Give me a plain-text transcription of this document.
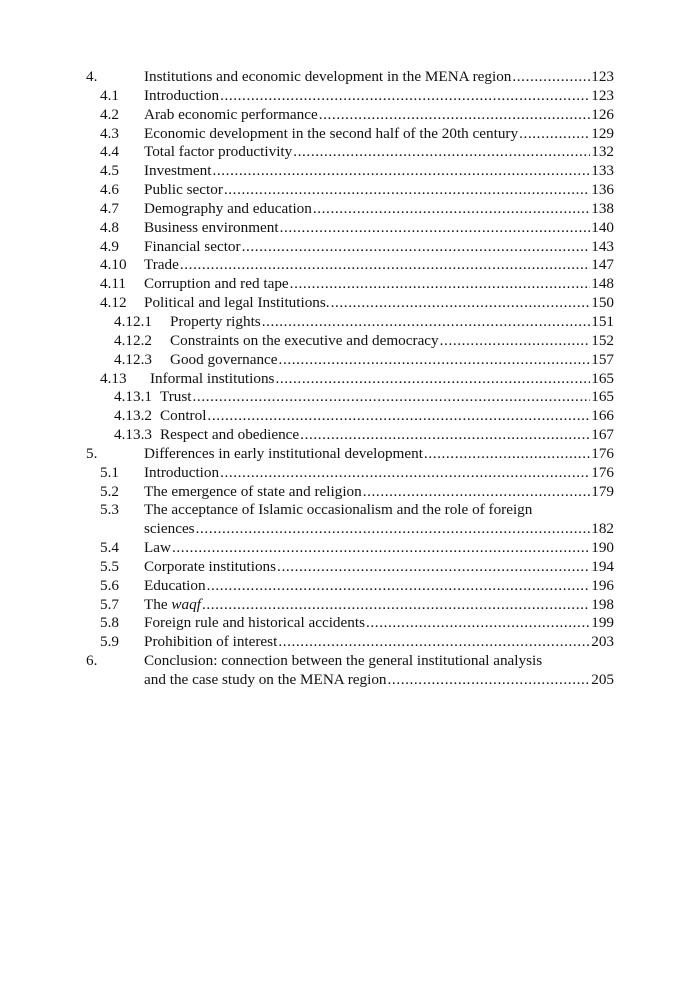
4.	Institutions and economic development in the MENA region .....	123
4.1 Introduction .....	123
4.2 Arab economic performance .....	126
4.3 Economic development in the second half of the 20th century .....	129
4.4 Total factor productivity .....	132
4.5 Investment .....	133
4.6 Public sector .....	136
4.7 Demography and education .....	138
4.8 Business environment .....	140
4.9 Financial sector .....	143
4.10 Trade .....	147
4.11 Corruption and red tape .....	148
4.12 Political and legal Institutions. .....	150
4.12.1 Property rights .....	151
4.12.2 Constraints on the executive and democracy .....	152
4.12.3 Good governance .....	157
4.13 Informal institutions .....	165
4.13.1 Trust .....	165
4.13.2 Control .....	166
4.13.3 Respect and obedience .....	167
5.	Differences in early institutional development .....	176
5.1 Introduction .....	176
5.2 The emergence of state and religion .....	179
5.3 The acceptance of Islamic occasionalism and the role of foreign
sciences .....	182
5.4 Law .....	190
5.5 Corporate institutions .....	194
5.6 Education .....	196
5.7 The waqf .....	198
5.8 Foreign rule and historical accidents .....	199
5.9 Prohibition of interest .....	203
6.	Conclusion: connection between the general institutional analysis
and the case study on the MENA region .....	205
